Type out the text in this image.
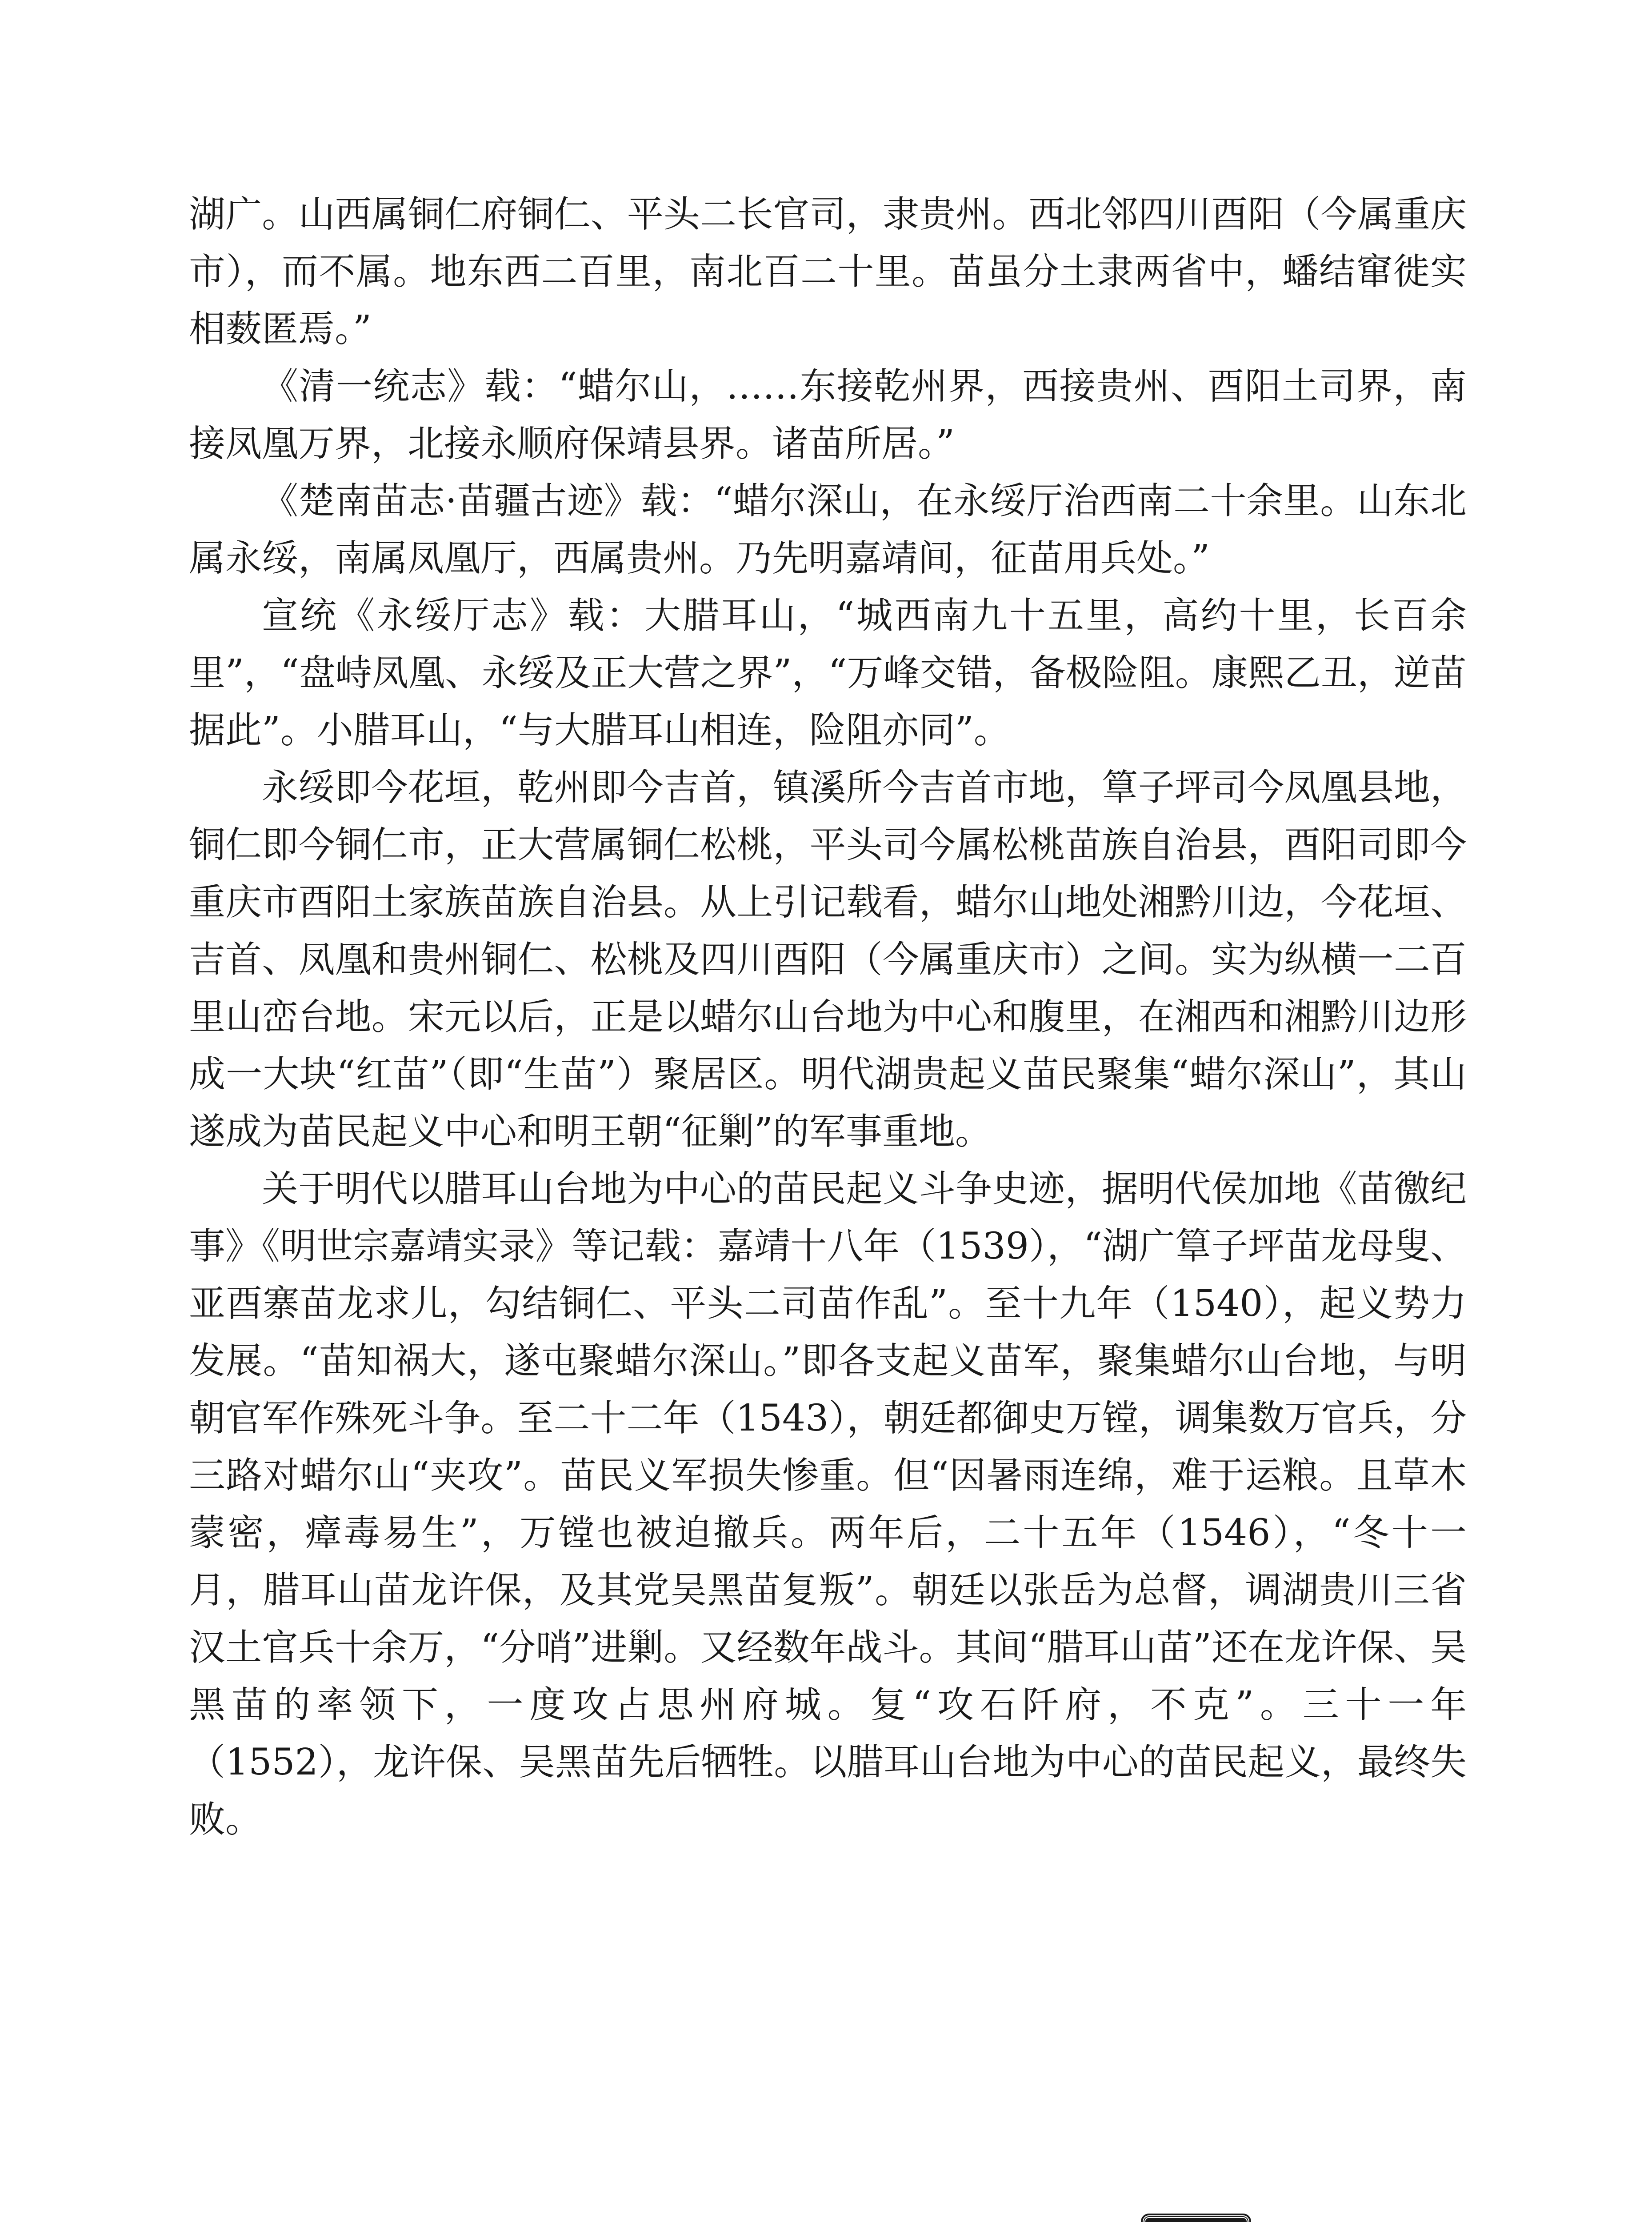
湖广。山西属铜仁府铜仁、平头二长官司，隶贵州。西北邻四川酉阳（今属重庆市），而不属。地东西二百里，南北百二十里。苗虽分土隶两省中，蟠结窜徙实相薮匿焉。”

《清一统志》载：“蜡尔山，……东接乾州界，西接贵州、酉阳土司界，南接凤凰万界，北接永顺府保靖县界。诸苗所居。”

《楚南苗志·苗疆古迹》载：“蜡尔深山，在永绥厅治西南二十余里。山东北属永绥，南属凤凰厅，西属贵州。乃先明嘉靖间，征苗用兵处。”

宣统《永绥厅志》载：大腊耳山，“城西南九十五里，高约十里，长百余里”，“盘峙凤凰、永绥及正大营之界”，“万峰交错，备极险阻。康熙乙丑，逆苗据此”。小腊耳山，“与大腊耳山相连，险阻亦同”。

永绥即今花垣，乾州即今吉首，镇溪所今吉首市地，筸子坪司今凤凰县地，铜仁即今铜仁市，正大营属铜仁松桃，平头司今属松桃苗族自治县，酉阳司即今重庆市酉阳土家族苗族自治县。从上引记载看，蜡尔山地处湘黔川边，今花垣、吉首、凤凰和贵州铜仁、松桃及四川酉阳（今属重庆市）之间。实为纵横一二百里山峦台地。宋元以后，正是以蜡尔山台地为中心和腹里，在湘西和湘黔川边形成一大块“红苗”（即“生苗”）聚居区。明代湖贵起义苗民聚集“蜡尔深山”，其山遂成为苗民起义中心和明王朝“征剿”的军事重地。

关于明代以腊耳山台地为中心的苗民起义斗争史迹，据明代侯加地《苗徼纪事》《明世宗嘉靖实录》等记载：嘉靖十八年（1539），“湖广筸子坪苗龙母叟、亚酉寨苗龙求儿，勾结铜仁、平头二司苗作乱”。至十九年（1540），起义势力发展。“苗知祸大，遂屯聚蜡尔深山。”即各支起义苗军，聚集蜡尔山台地，与明朝官军作殊死斗争。至二十二年（1543），朝廷都御史万镗，调集数万官兵，分三路对蜡尔山“夹攻”。苗民义军损失惨重。但“因暑雨连绵，难于运粮。且草木蒙密，瘴毒易生”，万镗也被迫撤兵。两年后，二十五年（1546），“冬十一月，腊耳山苗龙许保，及其党吴黑苗复叛”。朝廷以张岳为总督，调湖贵川三省汉土官兵十余万，“分哨”进剿。又经数年战斗。其间“腊耳山苗”还在龙许保、吴黑苗的率领下，一度攻占思州府城。复“攻石阡府，不克”。三十一年（1552），龙许保、吴黑苗先后牺牲。以腊耳山台地为中心的苗民起义，最终失败。
